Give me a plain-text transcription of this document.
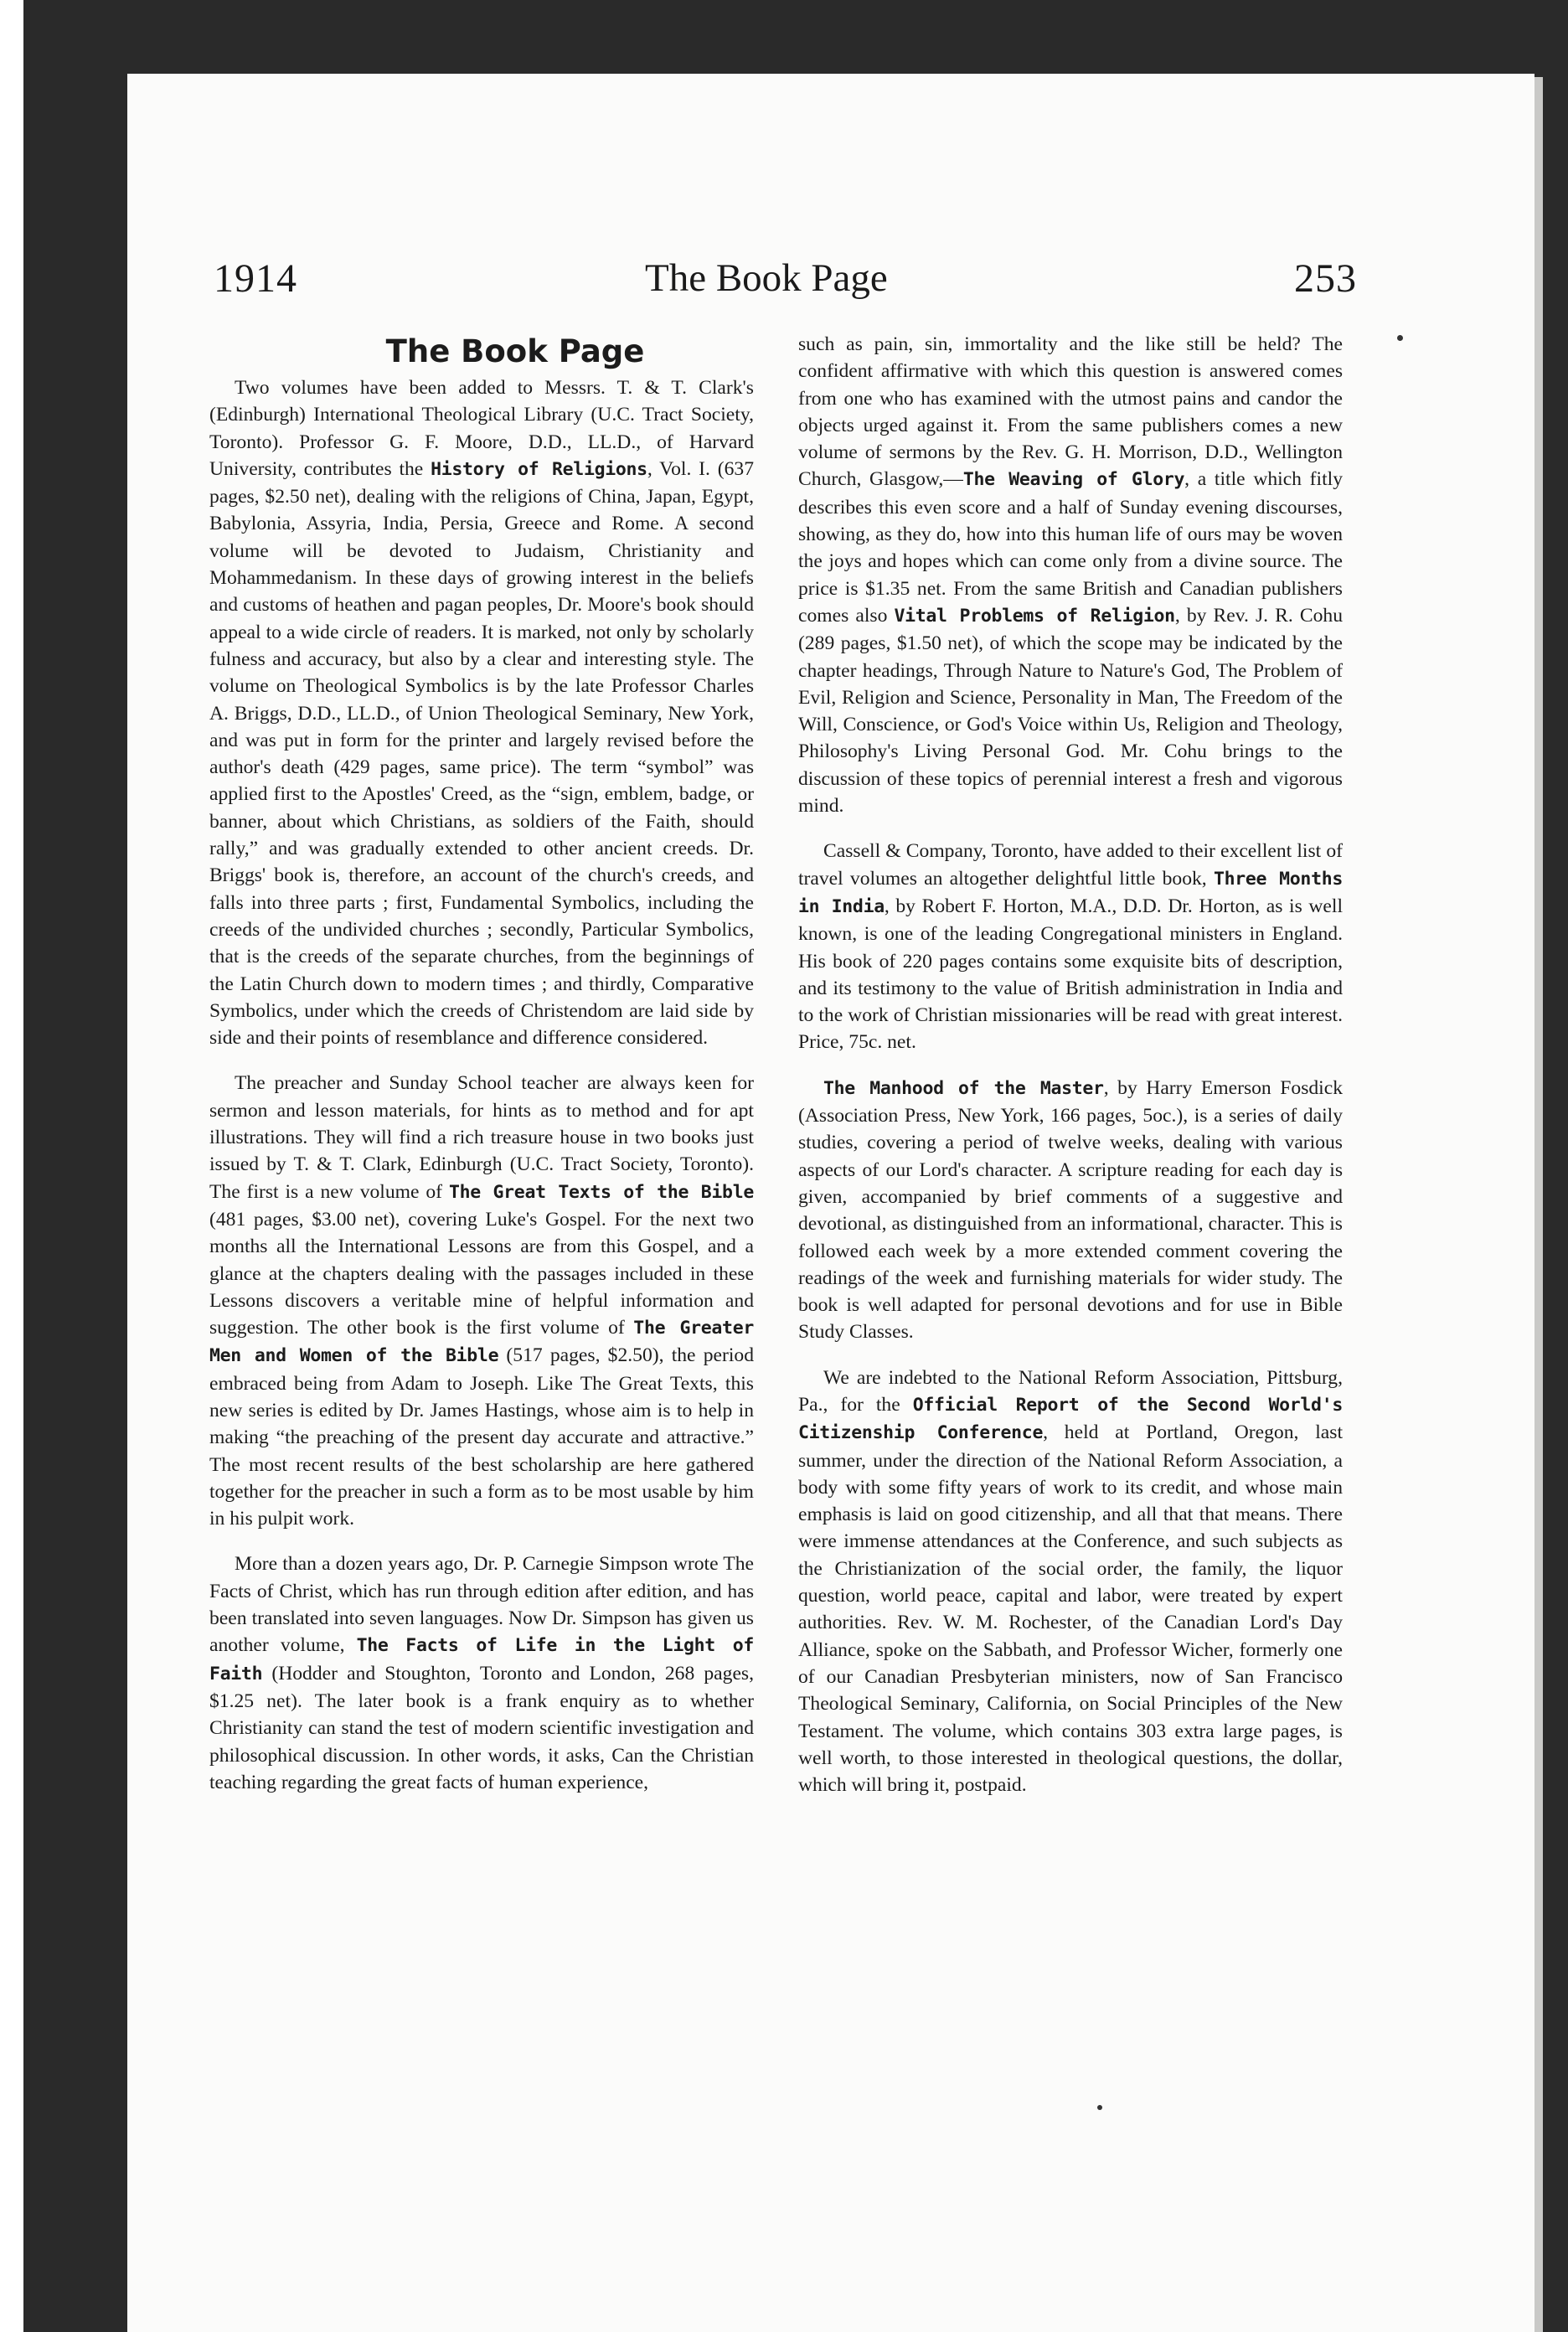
1914	The Book Page	253
The Book Page

Two volumes have been added to Messrs. T. & T. Clark's (Edinburgh) International Theological Library (U.C. Tract Society, Toronto). Professor G. F. Moore, D.D., LL.D., of Harvard University, contributes the History of Religions, Vol. I. (637 pages, $2.50 net), dealing with the religions of China, Japan, Egypt, Babylonia, Assyria, India, Persia, Greece and Rome. A second volume will be devoted to Judaism, Christianity and Mohammedanism. In these days of growing interest in the beliefs and customs of heathen and pagan peoples, Dr. Moore's book should appeal to a wide circle of readers. It is marked, not only by scholarly fulness and accuracy, but also by a clear and interesting style. The volume on Theological Symbolics is by the late Professor Charles A. Briggs, D.D., LL.D., of Union Theological Seminary, New York, and was put in form for the printer and largely revised before the author's death (429 pages, same price). The term “symbol” was applied first to the Apostles' Creed, as the “sign, emblem, badge, or banner, about which Christians, as soldiers of the Faith, should rally,” and was gradually extended to other ancient creeds. Dr. Briggs' book is, therefore, an account of the church's creeds, and falls into three parts ; first, Fundamental Symbolics, including the creeds of the undivided churches ; secondly, Particular Symbolics, that is the creeds of the separate churches, from the beginnings of the Latin Church down to modern times ; and thirdly, Comparative Symbolics, under which the creeds of Christendom are laid side by side and their points of resemblance and difference considered.

The preacher and Sunday School teacher are always keen for sermon and lesson materials, for hints as to method and for apt illustrations. They will find a rich treasure house in two books just issued by T. & T. Clark, Edinburgh (U.C. Tract Society, Toronto). The first is a new volume of The Great Texts of the Bible (481 pages, $3.00 net), covering Luke's Gospel. For the next two months all the International Lessons are from this Gospel, and a glance at the chapters dealing with the passages included in these Lessons discovers a veritable mine of helpful information and suggestion. The other book is the first volume of The Greater Men and Women of the Bible (517 pages, $2.50), the period embraced being from Adam to Joseph. Like The Great Texts, this new series is edited by Dr. James Hastings, whose aim is to help in making “the preaching of the present day accurate and attractive.” The most recent results of the best scholarship are here gathered together for the preacher in such a form as to be most usable by him in his pulpit work.

More than a dozen years ago, Dr. P. Carnegie Simpson wrote The Facts of Christ, which has run through edition after edition, and has been translated into seven languages. Now Dr. Simpson has given us another volume, The Facts of Life in the Light of Faith (Hodder and Stoughton, Toronto and London, 268 pages, $1.25 net). The later book is a frank enquiry as to whether Christianity can stand the test of modern scientific investigation and philosophical discussion. In other words, it asks, Can the Christian teaching regarding the great facts of human experience,

such as pain, sin, immortality and the like still be held? The confident affirmative with which this question is answered comes from one who has examined with the utmost pains and candor the objects urged against it. From the same publishers comes a new volume of sermons by the Rev. G. H. Morrison, D.D., Wellington Church, Glasgow,—The Weaving of Glory, a title which fitly describes this even score and a half of Sunday evening discourses, showing, as they do, how into this human life of ours may be woven the joys and hopes which can come only from a divine source. The price is $1.35 net. From the same British and Canadian publishers comes also Vital Problems of Religion, by Rev. J. R. Cohu (289 pages, $1.50 net), of which the scope may be indicated by the chapter headings, Through Nature to Nature's God, The Problem of Evil, Religion and Science, Personality in Man, The Freedom of the Will, Conscience, or God's Voice within Us, Religion and Theology, Philosophy's Living Personal God. Mr. Cohu brings to the discussion of these topics of perennial interest a fresh and vigorous mind.

Cassell & Company, Toronto, have added to their excellent list of travel volumes an altogether delightful little book, Three Months in India, by Robert F. Horton, M.A., D.D. Dr. Horton, as is well known, is one of the leading Congregational ministers in England. His book of 220 pages contains some exquisite bits of description, and its testimony to the value of British administration in India and to the work of Christian missionaries will be read with great interest. Price, 75c. net.

The Manhood of the Master, by Harry Emerson Fosdick (Association Press, New York, 166 pages, 5oc.), is a series of daily studies, covering a period of twelve weeks, dealing with various aspects of our Lord's character. A scripture reading for each day is given, accompanied by brief comments of a suggestive and devotional, as distinguished from an informational, character. This is followed each week by a more extended comment covering the readings of the week and furnishing materials for wider study. The book is well adapted for personal devotions and for use in Bible Study Classes.

We are indebted to the National Reform Association, Pittsburg, Pa., for the Official Report of the Second World's Citizenship Conference, held at Portland, Oregon, last summer, under the direction of the National Reform Association, a body with some fifty years of work to its credit, and whose main emphasis is laid on good citizenship, and all that that means. There were immense attendances at the Conference, and such subjects as the Christianization of the social order, the family, the liquor question, world peace, capital and labor, were treated by expert authorities. Rev. W. M. Rochester, of the Canadian Lord's Day Alliance, spoke on the Sabbath, and Professor Wicher, formerly one of our Canadian Presbyterian ministers, now of San Francisco Theological Seminary, California, on Social Principles of the New Testament. The volume, which contains 303 extra large pages, is well worth, to those interested in theological questions, the dollar, which will bring it, postpaid.
